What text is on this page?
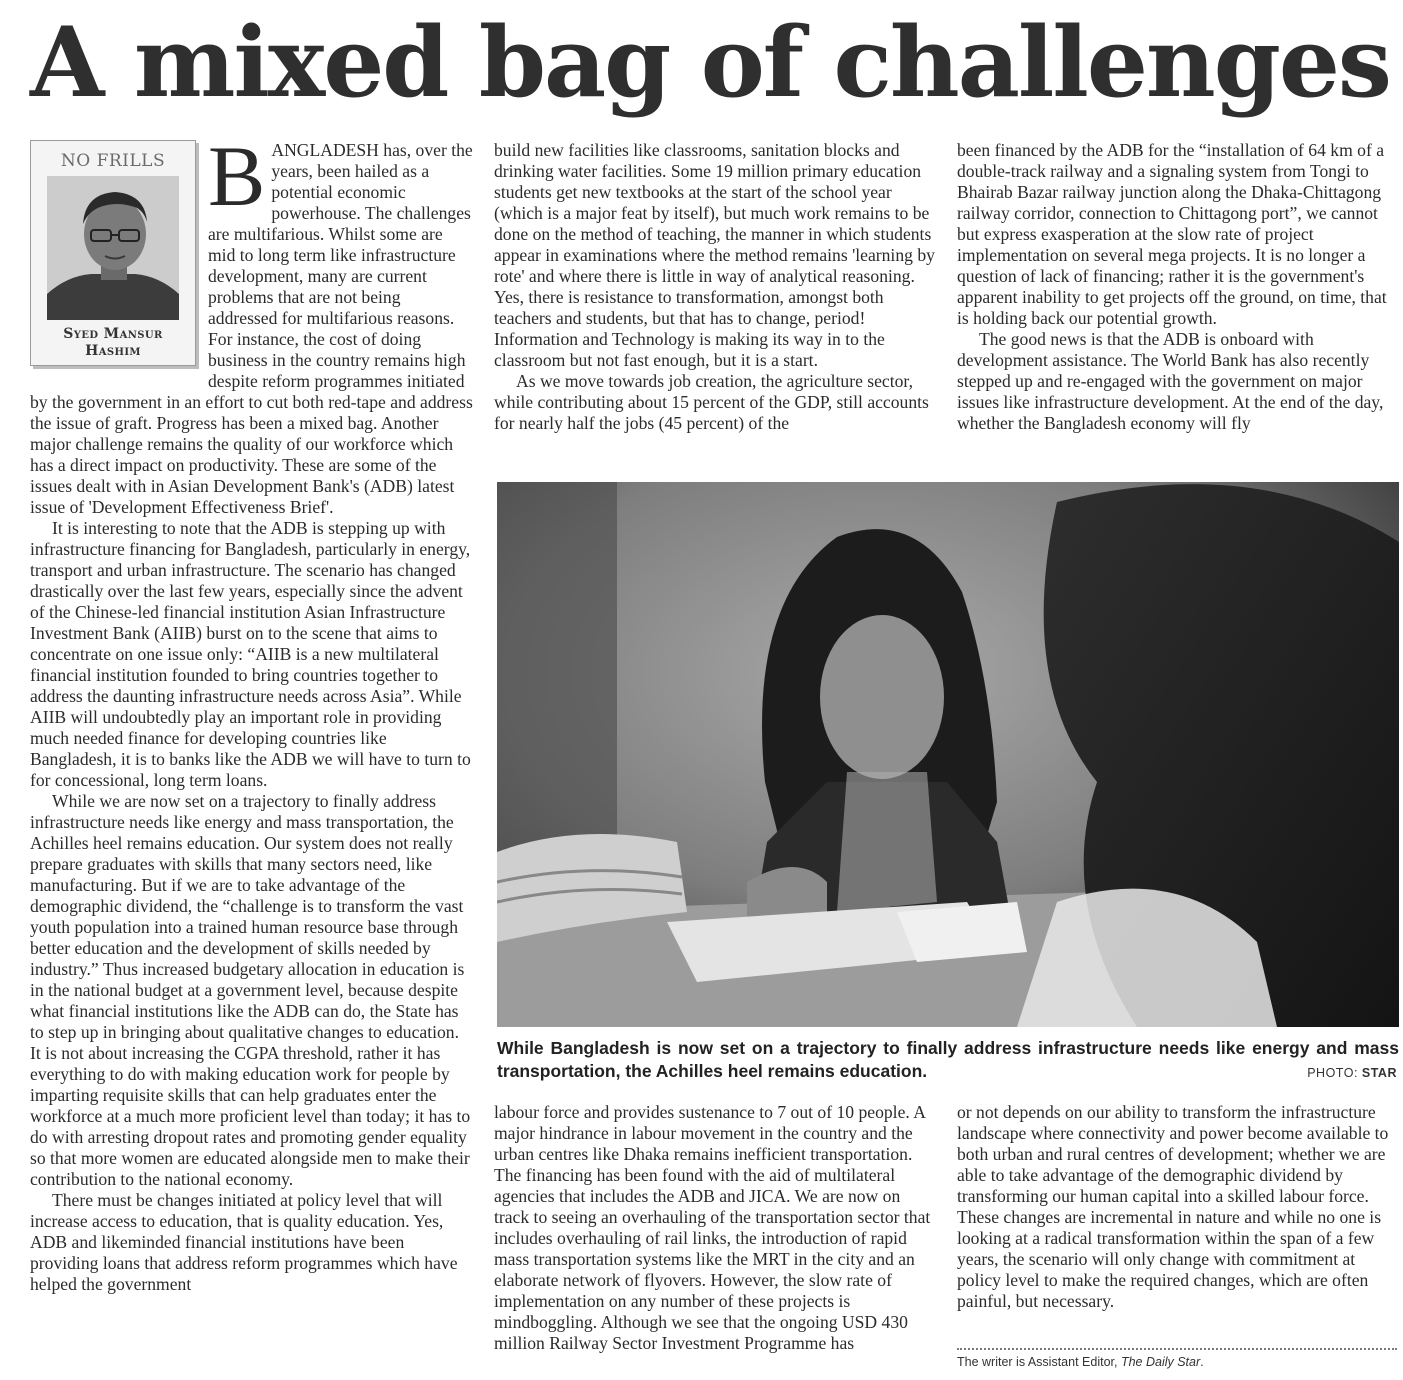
A mixed bag of challenges
NO FRILLS
Syed Mansur
Hashim

BANGLADESH has, over the years, been hailed as a potential economic powerhouse. The challenges are multifarious. Whilst some are mid to long term like infrastructure development, many are current problems that are not being addressed for multifarious reasons. For instance, the cost of doing business in the country remains high despite reform programmes initiated by the government in an effort to cut both red-tape and address the issue of graft. Progress has been a mixed bag. Another major challenge remains the quality of our workforce which has a direct impact on productivity. These are some of the issues dealt with in Asian Development Bank's (ADB) latest issue of 'Development Effectiveness Brief'.

It is interesting to note that the ADB is stepping up with infrastructure financing for Bangladesh, particularly in energy, transport and urban infrastructure. The scenario has changed drastically over the last few years, especially since the advent of the Chinese-led financial institution Asian Infrastructure Investment Bank (AIIB) burst on to the scene that aims to concentrate on one issue only: “AIIB is a new multilateral financial institution founded to bring countries together to address the daunting infrastructure needs across Asia”. While AIIB will undoubtedly play an important role in providing much needed finance for developing countries like Bangladesh, it is to banks like the ADB we will have to turn to for concessional, long term loans.

While we are now set on a trajectory to finally address infrastructure needs like energy and mass transportation, the Achilles heel remains education. Our system does not really prepare graduates with skills that many sectors need, like manufacturing. But if we are to take advantage of the demographic dividend, the “challenge is to transform the vast youth population into a trained human resource base through better education and the development of skills needed by industry.” Thus increased budgetary allocation in education is in the national budget at a government level, because despite what financial institutions like the ADB can do, the State has to step up in bringing about qualitative changes to education. It is not about increasing the CGPA threshold, rather it has everything to do with making education work for people by imparting requisite skills that can help graduates enter the workforce at a much more proficient level than today; it has to do with arresting dropout rates and promoting gender equality so that more women are educated alongside men to make their contribution to the national economy.

There must be changes initiated at policy level that will increase access to education, that is quality education. Yes, ADB and likeminded financial institutions have been providing loans that address reform programmes which have helped the government

build new facilities like classrooms, sanitation blocks and drinking water facilities. Some 19 million primary education students get new textbooks at the start of the school year (which is a major feat by itself), but much work remains to be done on the method of teaching, the manner in which students appear in examinations where the method remains 'learning by rote' and where there is little in way of analytical reasoning. Yes, there is resistance to transformation, amongst both teachers and students, but that has to change, period! Information and Technology is making its way in to the classroom but not fast enough, but it is a start.

As we move towards job creation, the agriculture sector, while contributing about 15 percent of the GDP, still accounts for nearly half the jobs (45 percent) of the

been financed by the ADB for the “installation of 64 km of a double-track railway and a signaling system from Tongi to Bhairab Bazar railway junction along the Dhaka-Chittagong railway corridor, connection to Chittagong port”, we cannot but express exasperation at the slow rate of project implementation on several mega projects. It is no longer a question of lack of financing; rather it is the government's apparent inability to get projects off the ground, on time, that is holding back our potential growth.

The good news is that the ADB is onboard with development assistance. The World Bank has also recently stepped up and re-engaged with the government on major issues like infrastructure development. At the end of the day, whether the Bangladesh economy will fly

While Bangladesh is now set on a trajectory to finally address infrastructure needs like energy and mass transportation, the Achilles heel remains education.	PHOTO: STAR

labour force and provides sustenance to 7 out of 10 people. A major hindrance in labour movement in the country and the urban centres like Dhaka remains inefficient transportation. The financing has been found with the aid of multilateral agencies that includes the ADB and JICA. We are now on track to seeing an overhauling of the transportation sector that includes overhauling of rail links, the introduction of rapid mass transportation systems like the MRT in the city and an elaborate network of flyovers. However, the slow rate of implementation on any number of these projects is mindboggling. Although we see that the ongoing USD 430 million Railway Sector Investment Programme has

or not depends on our ability to transform the infrastructure landscape where connectivity and power become available to both urban and rural centres of development; whether we are able to take advantage of the demographic dividend by transforming our human capital into a skilled labour force. These changes are incremental in nature and while no one is looking at a radical transformation within the span of a few years, the scenario will only change with commitment at policy level to make the required changes, which are often painful, but necessary.

The writer is Assistant Editor, The Daily Star.
